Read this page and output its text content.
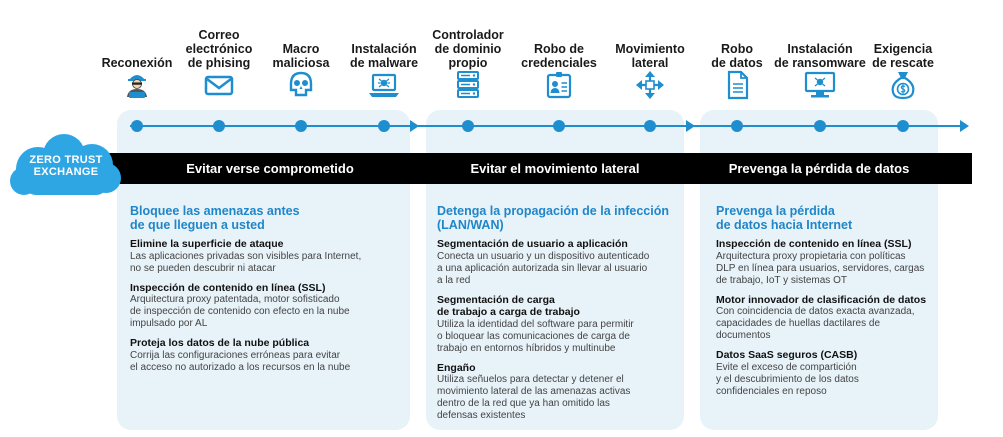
Reconexión
Correo
electrónico
de phising
Macro
maliciosa
Instalación
de malware
Controlador
de dominio
propio
Robo de
credenciales
Movimiento
lateral
Robo
de datos
Instalación
de ransomware
Exigencia
de rescate
Evitar verse comprometido	Evitar el movimiento lateral	Prevenga la pérdida de datos
ZERO TRUST
EXCHANGE
Bloquee las amenazas antes
de que lleguen a usted
Elimine la superficie de ataque

Las aplicaciones privadas son visibles para Internet,
no se pueden descubrir ni atacar

Inspección de contenido en línea (SSL)

Arquitectura proxy patentada, motor sofisticado
de inspección de contenido con efecto en la nube
impulsado por AL

Proteja los datos de la nube pública

Corrija las configuraciones erróneas para evitar
el acceso no autorizado a los recursos en la nube

Detenga la propagación de la infección
(LAN/WAN)
Segmentación de usuario a aplicación

Conecta un usuario y un dispositivo autenticado
a una aplicación autorizada sin llevar al usuario
a la red

Segmentación de carga
de trabajo a carga de trabajo

Utiliza la identidad del software para permitir
o bloquear las comunicaciones de carga de
trabajo en entornos híbridos y multinube

Engaño

Utiliza señuelos para detectar y detener el
movimiento lateral de las amenazas activas
dentro de la red que ya han omitido las
defensas existentes

Prevenga la pérdida
de datos hacia Internet
Inspección de contenido en línea (SSL)

Arquitectura proxy propietaria con políticas
DLP en línea para usuarios, servidores, cargas
de trabajo, IoT y sistemas OT

Motor innovador de clasificación de datos

Con coincidencia de datos exacta avanzada,
capacidades de huellas dactilares de
documentos

Datos SaaS seguros (CASB)

Evite el exceso de compartición
y el descubrimiento de los datos
confidenciales en reposo
